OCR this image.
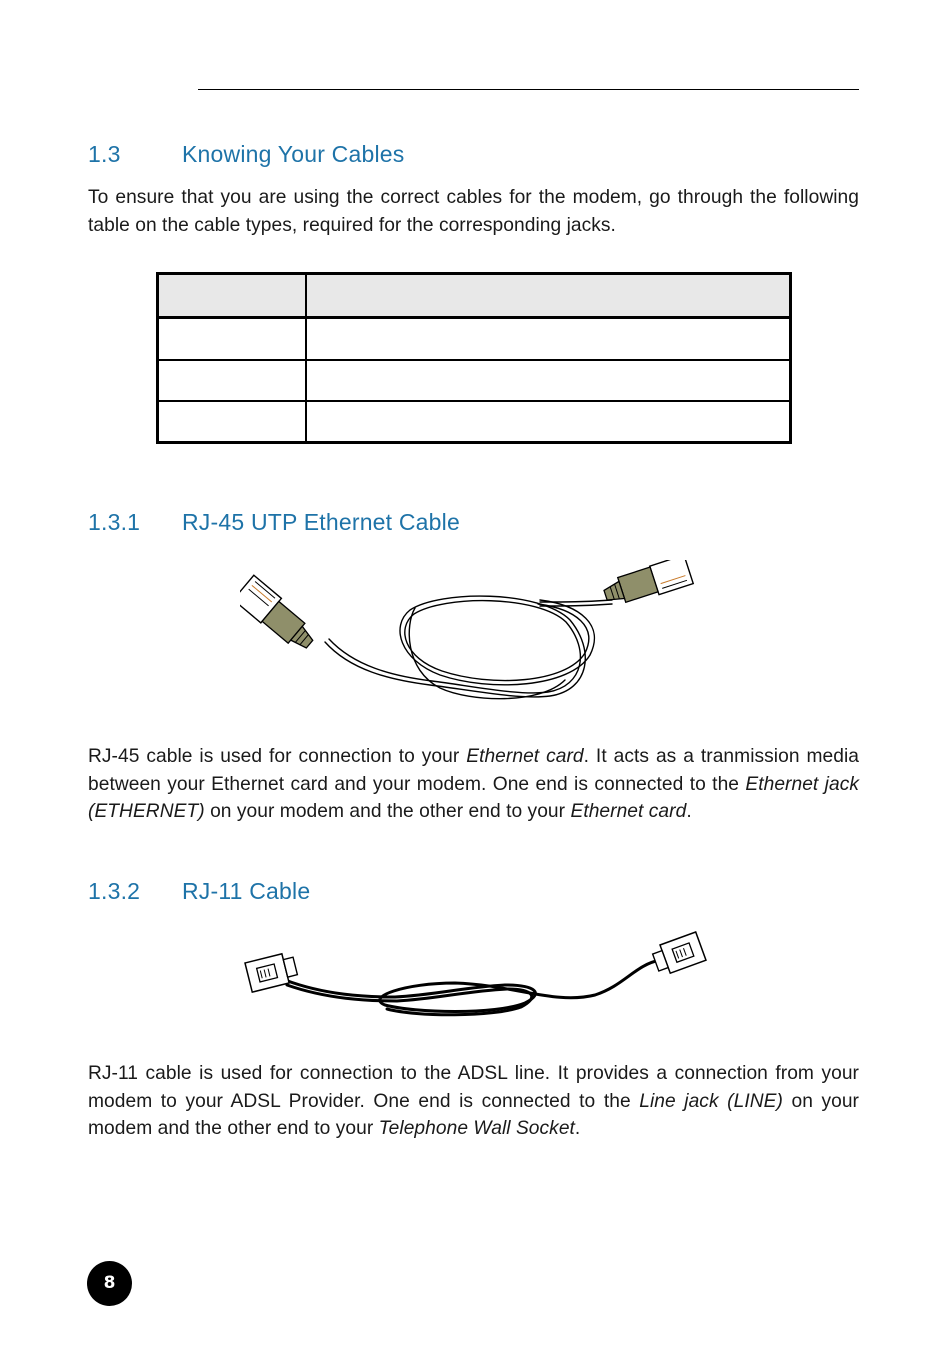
1.3	Knowing Your Cables
To ensure that you are using the correct cables for the modem, go through the following table on the cable types, required for the corresponding jacks.

1.3.1 RJ-45 UTP Ethernet Cable
RJ-45 cable is used for connection to your Ethernet card. It acts as a tranmission media between your Ethernet card and your modem. One end is connected to the Ethernet jack (ETHERNET) on your modem and the other end to your Ethernet card.
1.3.2 RJ-11 Cable
RJ-11 cable is used for connection to the ADSL line. It provides a connection from your modem to your ADSL Provider. One end is connected to the Line jack (LINE) on your modem and the other end to your Telephone Wall Socket.
8
